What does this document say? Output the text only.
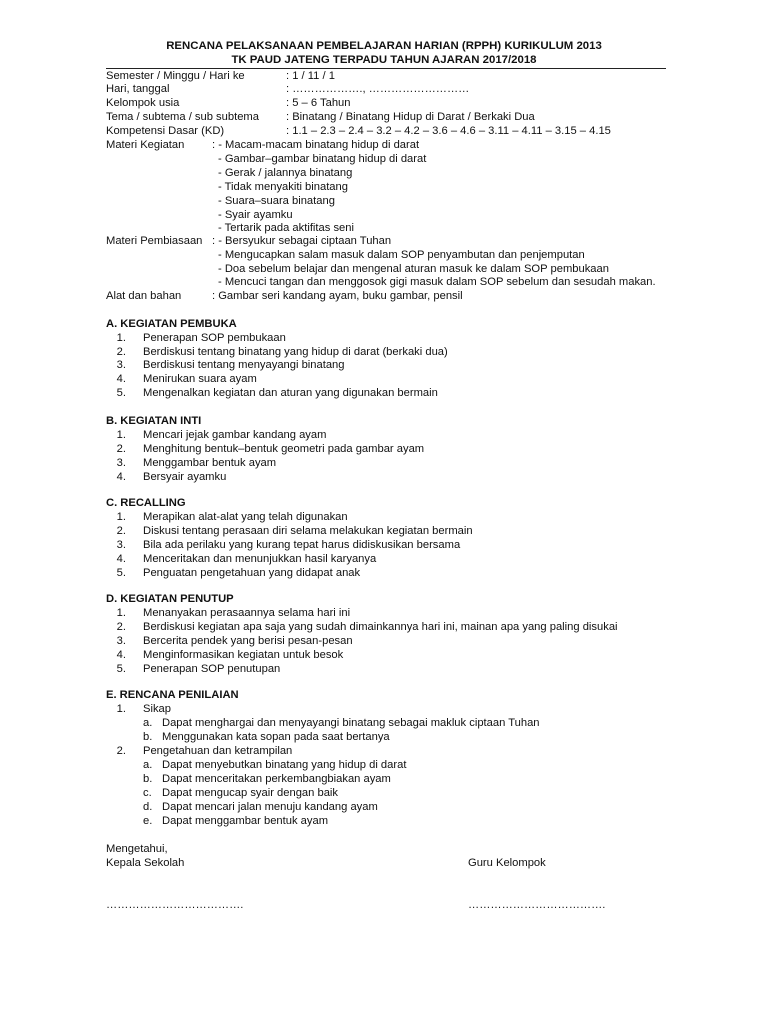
RENCANA PELAKSANAAN PEMBELAJARAN HARIAN (RPPH) KURIKULUM 2013
TK PAUD JATENG TERPADU TAHUN AJARAN 2017/2018
Semester / Minggu / Hari ke	: 1 / 11 / 1
Hari, tanggal	: ………………., ………………………
Kelompok usia	: 5 – 6 Tahun
Tema / subtema / sub subtema : Binatang / Binatang Hidup di Darat / Berkaki Dua
Kompetensi Dasar (KD)	: 1.1 – 2.3 – 2.4 – 3.2 – 4.2 – 3.6 – 4.6 – 3.11 – 4.11 – 3.15 – 4.15
Materi Kegiatan : - Macam-macam binatang hidup di darat
- Gambar–gambar binatang hidup di darat
- Gerak / jalannya binatang
- Tidak menyakiti binatang
- Suara–suara binatang
- Syair ayamku
- Tertarik pada aktifitas seni
Materi Pembiasaan : - Bersyukur sebagai ciptaan Tuhan
- Mengucapkan salam masuk dalam SOP penyambutan dan penjemputan
- Doa sebelum belajar dan mengenal aturan masuk ke dalam SOP pembukaan
- Mencuci tangan dan menggosok gigi masuk dalam SOP sebelum dan sesudah makan.
Alat dan bahan	: Gambar seri kandang ayam, buku gambar, pensil
A. KEGIATAN PEMBUKA
1. Penerapan SOP pembukaan
2. Berdiskusi tentang binatang yang hidup di darat (berkaki dua)
3. Berdiskusi tentang menyayangi binatang
4. Menirukan suara ayam
5. Mengenalkan kegiatan dan aturan yang digunakan bermain
B. KEGIATAN INTI
1. Mencari jejak gambar kandang ayam
2. Menghitung bentuk–bentuk geometri pada gambar ayam
3. Menggambar bentuk ayam
4. Bersyair ayamku
C. RECALLING
1. Merapikan alat-alat yang telah digunakan
2. Diskusi tentang perasaan diri selama melakukan kegiatan bermain
3. Bila ada perilaku yang kurang tepat harus didiskusikan bersama
4. Menceritakan dan menunjukkan hasil karyanya
5. Penguatan pengetahuan yang didapat anak
D. KEGIATAN PENUTUP
1. Menanyakan perasaannya selama hari ini
2. Berdiskusi kegiatan apa saja yang sudah dimainkannya hari ini, mainan apa yang paling disukai
3. Bercerita pendek yang berisi pesan-pesan
4. Menginformasikan kegiatan untuk besok
5. Penerapan SOP penutupan
E. RENCANA PENILAIAN
1. Sikap
a. Dapat menghargai dan menyayangi binatang sebagai makluk ciptaan Tuhan
b. Menggunakan kata sopan pada saat bertanya
2. Pengetahuan dan ketrampilan
a. Dapat menyebutkan binatang yang hidup di darat
b. Dapat menceritakan perkembangbiakan ayam
c. Dapat mengucap syair dengan baik
d. Dapat mencari jalan menuju kandang ayam
e. Dapat menggambar bentuk ayam
Mengetahui,
Kepala Sekolah	Guru Kelompok
……………………………….	……………………………….
